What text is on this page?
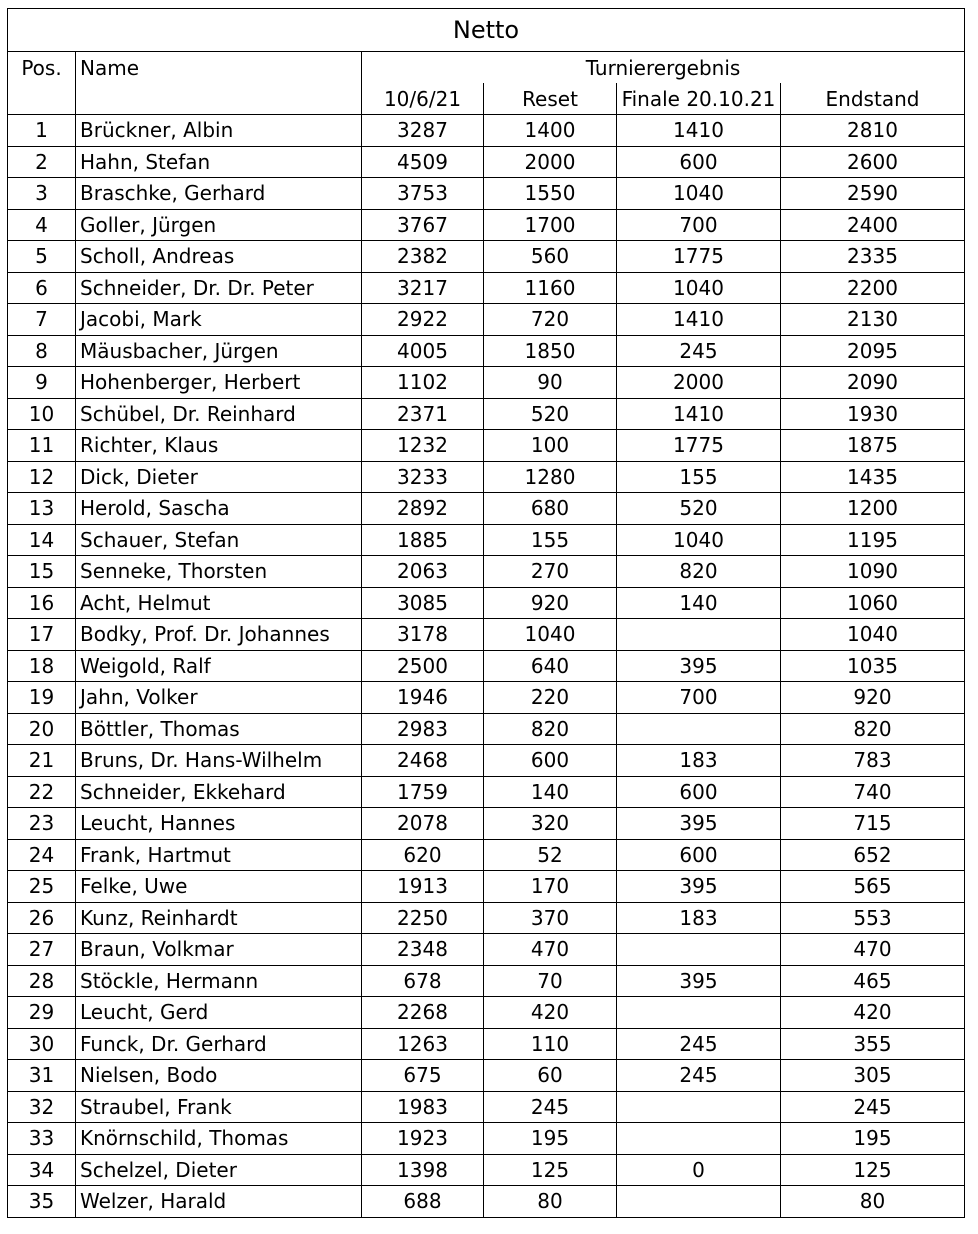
Netto					
Pos.	Name	Turnierergebnis			
		10/6/21	Reset	Finale 20.10.21	Endstand
1	Brückner, Albin	3287	1400	1410	2810
2	Hahn, Stefan	4509	2000	600	2600
3	Braschke, Gerhard	3753	1550	1040	2590
4	Goller, Jürgen	3767	1700	700	2400
5	Scholl, Andreas	2382	560	1775	2335
6	Schneider, Dr. Dr. Peter	3217	1160	1040	2200
7	Jacobi, Mark	2922	720	1410	2130
8	Mäusbacher, Jürgen	4005	1850	245	2095
9	Hohenberger, Herbert	1102	90	2000	2090
10	Schübel, Dr. Reinhard	2371	520	1410	1930
11	Richter, Klaus	1232	100	1775	1875
12	Dick, Dieter	3233	1280	155	1435
13	Herold, Sascha	2892	680	520	1200
14	Schauer, Stefan	1885	155	1040	1195
15	Senneke, Thorsten	2063	270	820	1090
16	Acht, Helmut	3085	920	140	1060
17	Bodky, Prof. Dr. Johannes	3178	1040		1040
18	Weigold, Ralf	2500	640	395	1035
19	Jahn, Volker	1946	220	700	920
20	Böttler, Thomas	2983	820		820
21	Bruns, Dr. Hans-Wilhelm	2468	600	183	783
22	Schneider, Ekkehard	1759	140	600	740
23	Leucht, Hannes	2078	320	395	715
24	Frank, Hartmut	620	52	600	652
25	Felke, Uwe	1913	170	395	565
26	Kunz, Reinhardt	2250	370	183	553
27	Braun, Volkmar	2348	470		470
28	Stöckle, Hermann	678	70	395	465
29	Leucht, Gerd	2268	420		420
30	Funck, Dr. Gerhard	1263	110	245	355
31	Nielsen, Bodo	675	60	245	305
32	Straubel, Frank	1983	245		245
33	Knörnschild, Thomas	1923	195		195
34	Schelzel, Dieter	1398	125	0	125
35	Welzer, Harald	688	80		80
